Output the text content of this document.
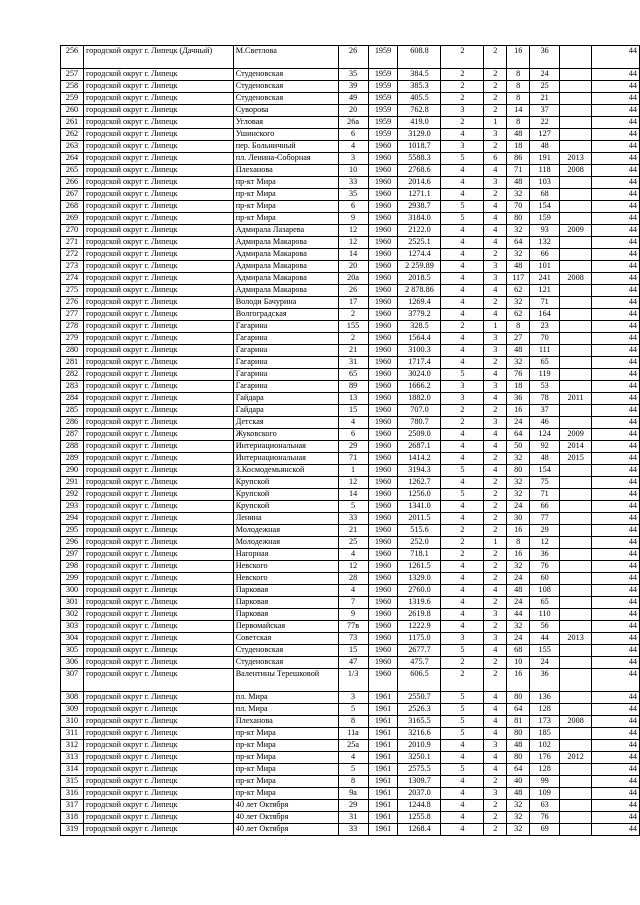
256	городской округ г. Липецк (Дачный)	М.Светлова	26	1959	608.8	2	2	16	36		44
257	городской округ г. Липецк	Студеновская	35	1959	384.5	2	2	8	24		44
258	городской округ г. Липецк	Студеновская	39	1959	385.3	2	2	8	25		44
259	городской округ г. Липецк	Студеновская	49	1959	405.5	2	2	8	21		44
260	городской округ г. Липецк	Суворова	20	1959	762.8	3	2	14	37		44
261	городской округ г. Липецк	Угловая	26а	1959	419.0	2	1	8	22		44
262	городской округ г. Липецк	Ушинского	6	1959	3129.0	4	3	48	127		44
263	городской округ г. Липецк	пер. Больничный	4	1960	1018.7	3	2	18	48		44
264	городской округ г. Липецк	пл. Ленина-Соборная	3	1960	5588.3	5	6	86	191	2013	44
265	городской округ г. Липецк	Плеханова	10	1960	2768.6	4	4	71	118	2008	44
266	городской округ г. Липецк	пр-кт Мира	33	1960	2014.6	4	3	48	103		44
267	городской округ г. Липецк	пр-кт Мира	35	1960	1271.1	4	2	32	68		44
268	городской округ г. Липецк	пр-кт Мира	6	1960	2938.7	5	4	70	154		44
269	городской округ г. Липецк	пр-кт Мира	9	1960	3184.0	5	4	80	159		44
270	городской округ г. Липецк	Адмирала Лазарева	12	1960	2122.0	4	4	32	93	2009	44
271	городской округ г. Липецк	Адмирала Макарова	12	1960	2525.1	4	4	64	132		44
272	городской округ г. Липецк	Адмирала Макарова	14	1960	1274.4	4	2	32	66		44
273	городской округ г. Липецк	Адмирала Макарова	20	1960	2 259.89	4	3	48	101		44
274	городской округ г. Липецк	Адмирала Макарова	20а	1960	2018.5	4	3	117	241	2008	44
275	городской округ г. Липецк	Адмирала Макарова	26	1960	2 878.86	4	4	62	121		44
276	городской округ г. Липецк	Володи Бачурина	17	1960	1269.4	4	2	32	71		44
277	городской округ г. Липецк	Волгоградская	2	1960	3779.2	4	4	62	164		44
278	городской округ г. Липецк	Гагарина	155	1960	328.5	2	1	8	23		44
279	городской округ г. Липецк	Гагарина	2	1960	1564.4	4	3	27	70		44
280	городской округ г. Липецк	Гагарина	21	1960	3100.3	4	3	48	111		44
281	городской округ г. Липецк	Гагарина	31	1960	1717.4	4	2	32	65		44
282	городской округ г. Липецк	Гагарина	65	1960	3024.0	5	4	76	119		44
283	городской округ г. Липецк	Гагарина	89	1960	1666.2	3	3	18	53		44
284	городской округ г. Липецк	Гайдара	13	1960	1882.0	3	4	36	78	2011	44
285	городской округ г. Липецк	Гайдара	15	1960	707.0	2	2	16	37		44
286	городской округ г. Липецк	Детская	4	1960	780.7	2	3	24	46		44
287	городской округ г. Липецк	Жуковского	6	1960	2509.0	4	4	64	124	2009	44
288	городской округ г. Липецк	Интернациональная	29	1960	2687.1	4	4	50	92	2014	44
289	городской округ г. Липецк	Интернациональная	71	1960	1414.2	4	2	32	48	2015	44
290	городской округ г. Липецк	З.Космодемьянской	1	1960	3194.3	5	4	80	154		44
291	городской округ г. Липецк	Крупской	12	1960	1262.7	4	2	32	75		44
292	городской округ г. Липецк	Крупской	14	1960	1256.0	5	2	32	71		44
293	городской округ г. Липецк	Крупской	5	1960	1341.0	4	2	24	66		44
294	городской округ г. Липецк	Ленина	33	1960	2011.5	4	2	30	77		44
295	городской округ г. Липецк	Молодежная	21	1960	515.6	2	2	16	29		44
296	городской округ г. Липецк	Молодежная	25	1960	252.0	2	1	8	12		44
297	городской округ г. Липецк	Нагорная	4	1960	718.1	2	2	16	36		44
298	городской округ г. Липецк	Невского	12	1960	1261.5	4	2	32	76		44
299	городской округ г. Липецк	Невского	28	1960	1329.0	4	2	24	60		44
300	городской округ г. Липецк	Парковая	4	1960	2760.0	4	4	48	108		44
301	городской округ г. Липецк	Парковая	7	1960	1319.6	4	2	24	65		44
302	городской округ г. Липецк	Парковая	9	1960	2619.8	4	3	44	110		44
303	городской округ г. Липецк	Первомайская	77в	1960	1222.9	4	2	32	56		44
304	городской округ г. Липецк	Советская	73	1960	1175.0	3	3	24	44	2013	44
305	городской округ г. Липецк	Студеновская	15	1960	2677.7	5	4	68	155		44
306	городской округ г. Липецк	Студеновская	47	1960	475.7	2	2	10	24		44
307	городской округ г. Липецк	Валентины Терешковой	1/3	1960	606.5	2	2	16	36		44
308	городской округ г. Липецк	пл. Мира	3	1961	2550.7	5	4	80	136		44
309	городской округ г. Липецк	пл. Мира	5	1961	2526.3	5	4	64	128		44
310	городской округ г. Липецк	Плеханова	8	1961	3165.5	5	4	81	173	2008	44
311	городской округ г. Липецк	пр-кт Мира	11а	1961	3216.6	5	4	80	185		44
312	городской округ г. Липецк	пр-кт Мира	25а	1961	2010.9	4	3	48	102		44
313	городской округ г. Липецк	пр-кт Мира	4	1961	3250.1	4	4	80	176	2012	44
314	городской округ г. Липецк	пр-кт Мира	5	1961	2575.5	5	4	64	128		44
315	городской округ г. Липецк	пр-кт Мира	8	1961	1309.7	4	2	40	99		44
316	городской округ г. Липецк	пр-кт Мира	9а	1961	2037.0	4	3	48	109		44
317	городской округ г. Липецк	40 лет Октября	29	1961	1244.8	4	2	32	63		44
318	городской округ г. Липецк	40 лет Октября	31	1961	1255.8	4	2	32	76		44
319	городской округ г. Липецк	40 лет Октября	33	1961	1268.4	4	2	32	69		44
